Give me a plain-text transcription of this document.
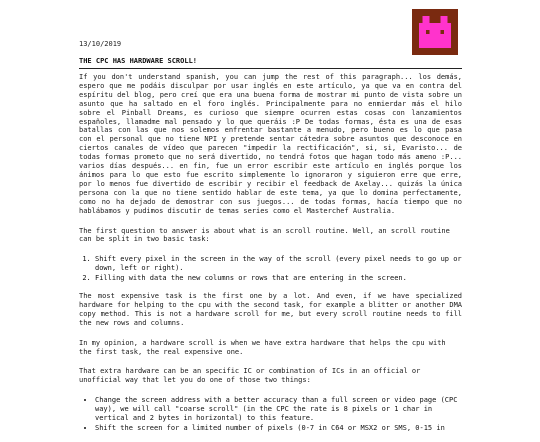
13/10/2019
THE CPC HAS HARDWARE SCROLL!

If you don't understand spanish, you can jump the rest of this paragraph... los demás, espero que me podáis disculpar por usar inglés en este artículo, ya que va en contra del espíritu del blog, pero creí que era una buena forma de mostrar mi punto de vista sobre un asunto que ha saltado en el foro inglés. Principalmente para no enmierdar más el hilo sobre el Pinball Dreams, es curioso que siempre ocurren estas cosas con lanzamientos españoles, llamadme mal pensado y lo que queráis :P De todas formas, ésta es una de esas batallas con las que nos solemos enfrentar bastante a menudo, pero bueno es lo que pasa con el personal que no tiene NPI y pretende sentar cátedra sobre asuntos que desconoce en ciertos canales de vídeo que parecen "impedir la rectificación", si, si, Evaristo... de todas formas prometo que no será divertido, no tendrá fotos que hagan todo más ameno :P... varios días después... en fin, fue un error escribir este artículo en inglés porque los ánimos para lo que esto fue escrito simplemente lo ignoraron y siguieron erre que erre, por lo menos fue divertido de escribir y recibir el feedback de Axelay... quizás la única persona con la que no tiene sentido hablar de este tema, ya que lo domina perfectamente, como no ha dejado de demostrar con sus juegos... de todas formas, hacía tiempo que no hablábamos y pudimos discutir de temas series como el Masterchef Australia.

The first question to answer is about what is an scroll routine. Well, an scroll routine can be split in two basic task:

1. Shift every pixel in the screen in the way of the scroll (every pixel needs to go up or down, left or right).
2. Filling with data the new columns or rows that are entering in the screen.

The most expensive task is the first one by a lot. And even, if we have specialized hardware for helping to the cpu with the second task, for example a blitter or another DMA copy method. This is not a hardware scroll for me, but every scroll routine needs to fill the new rows and columns.

In my opinion, a hardware scroll is when we have extra hardware that helps the cpu with the first task, the real expensive one.

That extra hardware can be an specific IC or combination of ICs in an official or unofficial way that let you do one of those two things:

• Change the screen address with a better accuracy than a full screen or video page (CPC way), we will call "coarse scroll" (in the CPC the rate is 8 pixels or 1 char in vertical and 2 bytes in horizontal) to this feature.
• Shift the screen for a limited number of pixels (0-7 in C64 or MSX2 or SMS, 0-15 in
